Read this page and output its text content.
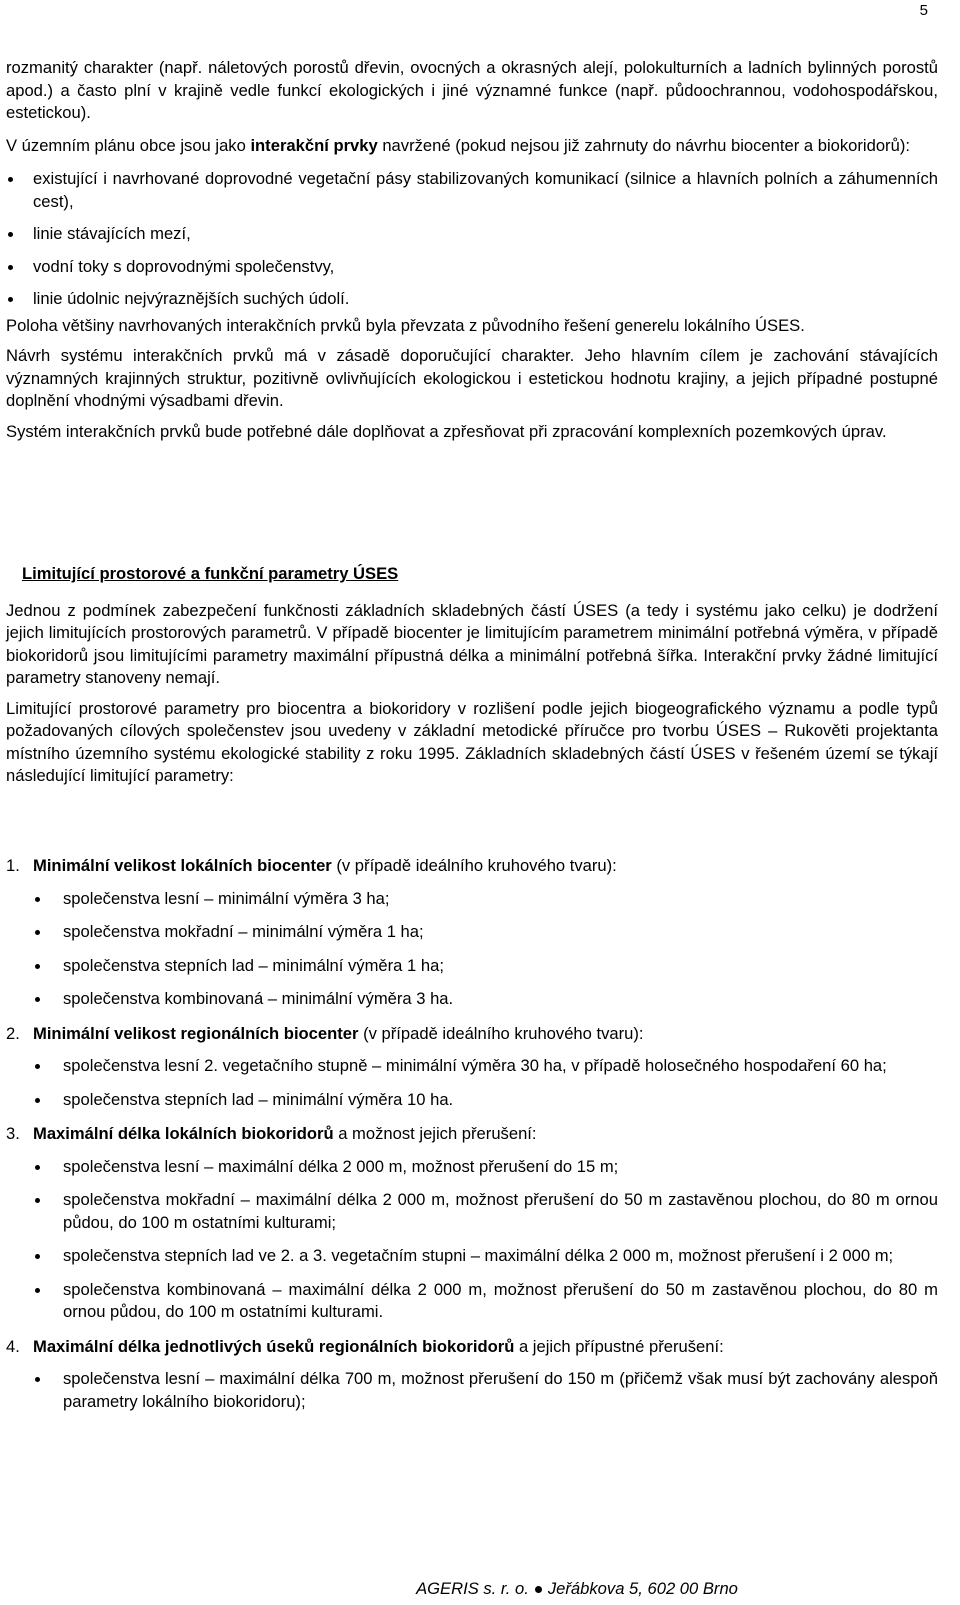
5

rozmanitý charakter (např. náletových porostů dřevin, ovocných a okrasných alejí, polokulturních a ladních bylinných porostů apod.) a často plní v krajině vedle funkcí ekologických i jiné významné funkce (např. půdoochrannou, vodohospodářskou, estetickou).

V územním plánu obce jsou jako interakční prvky navržené (pokud nejsou již zahrnuty do návrhu biocenter a biokoridorů):

existující i navrhované doprovodné vegetační pásy stabilizovaných komunikací (silnice a hlavních polních a záhumenních cest),
linie stávajících mezí,
vodní toky s doprovodnými společenstvy,
linie údolnic nejvýraznějších suchých údolí.

Poloha většiny navrhovaných interakčních prvků byla převzata z původního řešení generelu lokálního ÚSES.

Návrh systému interakčních prvků má v zásadě doporučující charakter. Jeho hlavním cílem je zachování stávajících významných krajinných struktur, pozitivně ovlivňujících ekologickou i estetickou hodnotu krajiny, a jejich případné postupné doplnění vhodnými výsadbami dřevin.

Systém interakčních prvků bude potřebné dále doplňovat a zpřesňovat při zpracování komplexních pozemkových úprav.

Limitující prostorové a funkční parametry ÚSES

Jednou z podmínek zabezpečení funkčnosti základních skladebných částí ÚSES (a tedy i systému jako celku) je dodržení jejich limitujících prostorových parametrů. V případě biocenter je limitujícím parametrem minimální potřebná výměra, v případě biokoridorů jsou limitujícími parametry maximální přípustná délka a minimální potřebná šířka. Interakční prvky žádné limitující parametry stanoveny nemají.

Limitující prostorové parametry pro biocentra a biokoridory v rozlišení podle jejich biogeografického významu a podle typů požadovaných cílových společenstev jsou uvedeny v základní metodické příručce pro tvorbu ÚSES – Rukověti projektanta místního územního systému ekologické stability z roku 1995. Základních skladebných částí ÚSES v řešeném území se týkají následující limitující parametry:

1. Minimální velikost lokálních biocenter (v případě ideálního kruhového tvaru):
společenstva lesní – minimální výměra 3 ha;
společenstva mokřadní – minimální výměra 1 ha;
společenstva stepních lad – minimální výměra 1 ha;
společenstva kombinovaná – minimální výměra 3 ha.
2. Minimální velikost regionálních biocenter (v případě ideálního kruhového tvaru):
společenstva lesní 2. vegetačního stupně – minimální výměra 30 ha, v případě holosečného hospodaření 60 ha;
společenstva stepních lad – minimální výměra 10 ha.
3. Maximální délka lokálních biokoridorů a možnost jejich přerušení:
společenstva lesní – maximální délka 2 000 m, možnost přerušení do 15 m;
společenstva mokřadní – maximální délka 2 000 m, možnost přerušení do 50 m zastavěnou plochou, do 80 m ornou půdou, do 100 m ostatními kulturami;
společenstva stepních lad ve 2. a 3. vegetačním stupni – maximální délka 2 000 m, možnost přerušení i 2 000 m;
společenstva kombinovaná – maximální délka 2 000 m, možnost přerušení do 50 m zastavěnou plochou, do 80 m ornou půdou, do 100 m ostatními kulturami.
4. Maximální délka jednotlivých úseků regionálních biokoridorů a jejich přípustné přerušení:
společenstva lesní – maximální délka 700 m, možnost přerušení do 150 m (přičemž však musí být zachovány alespoň parametry lokálního biokoridoru);
AGERIS s. r. o. Jeřábkova 5, 602 00 Brno
